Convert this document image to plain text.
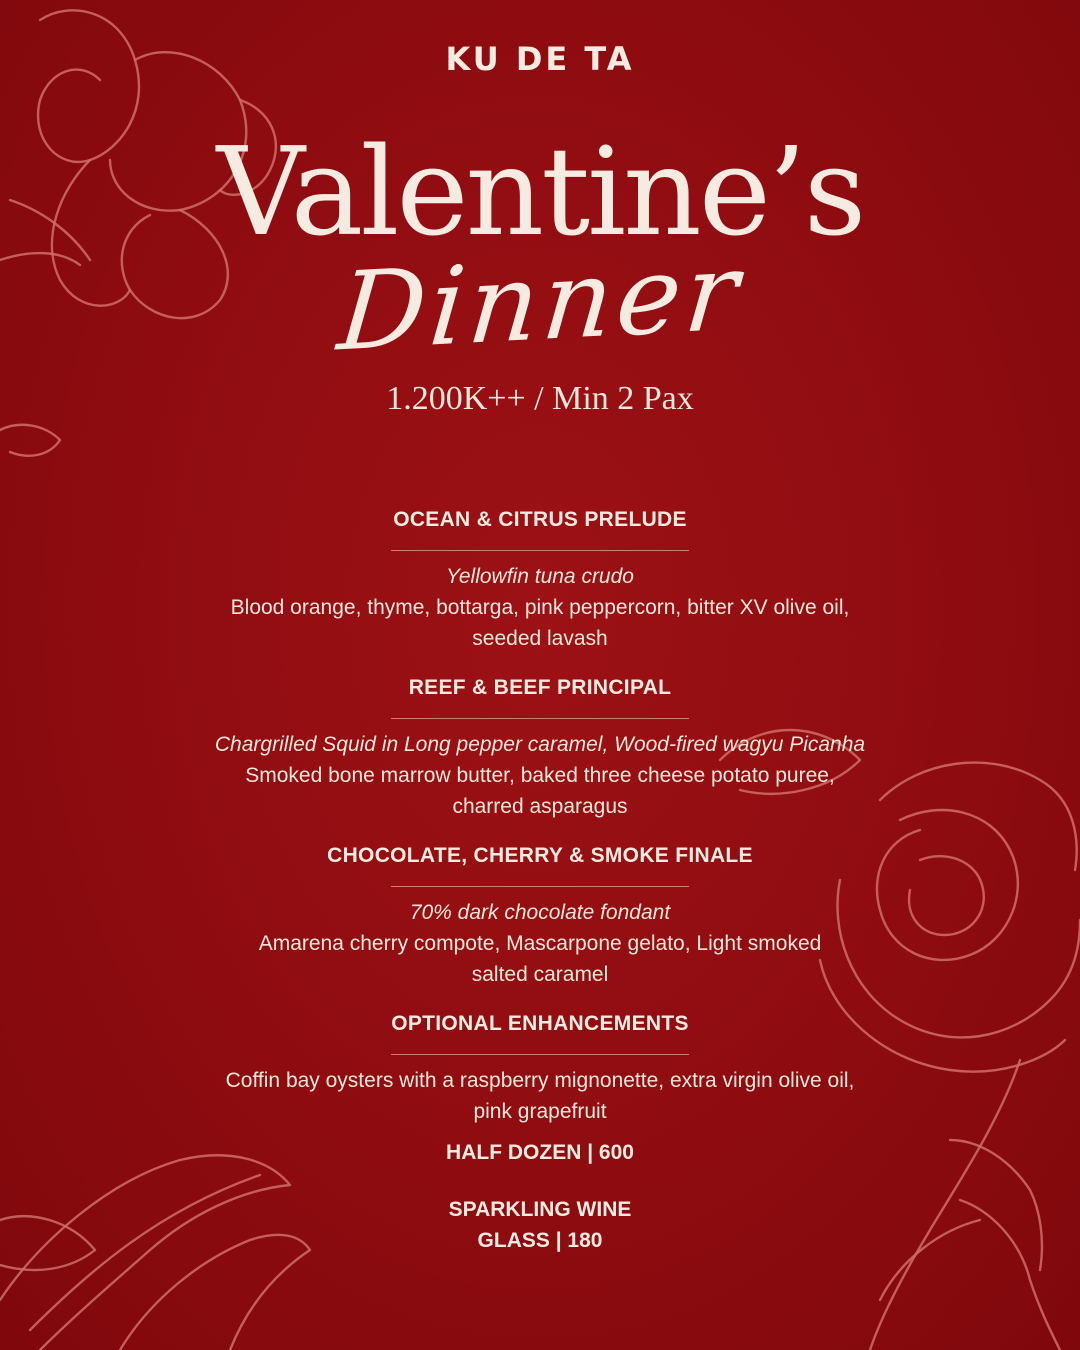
KU DE TA
Valentine’s
Dinner
1.200K++ / Min 2 Pax
OCEAN & CITRUS PRELUDE
Yellowfin tuna crudo
Blood orange, thyme, bottarga, pink peppercorn, bitter XV olive oil,
seeded lavash
REEF & BEEF PRINCIPAL
Chargrilled Squid in Long pepper caramel, Wood-fired wagyu Picanha
Smoked bone marrow butter, baked three cheese potato puree,
charred asparagus
CHOCOLATE, CHERRY & SMOKE FINALE
70% dark chocolate fondant
Amarena cherry compote, Mascarpone gelato, Light smoked
salted caramel
OPTIONAL ENHANCEMENTS
Coffin bay oysters with a raspberry mignonette, extra virgin olive oil,
pink grapefruit
HALF DOZEN | 600
SPARKLING WINE
GLASS | 180
